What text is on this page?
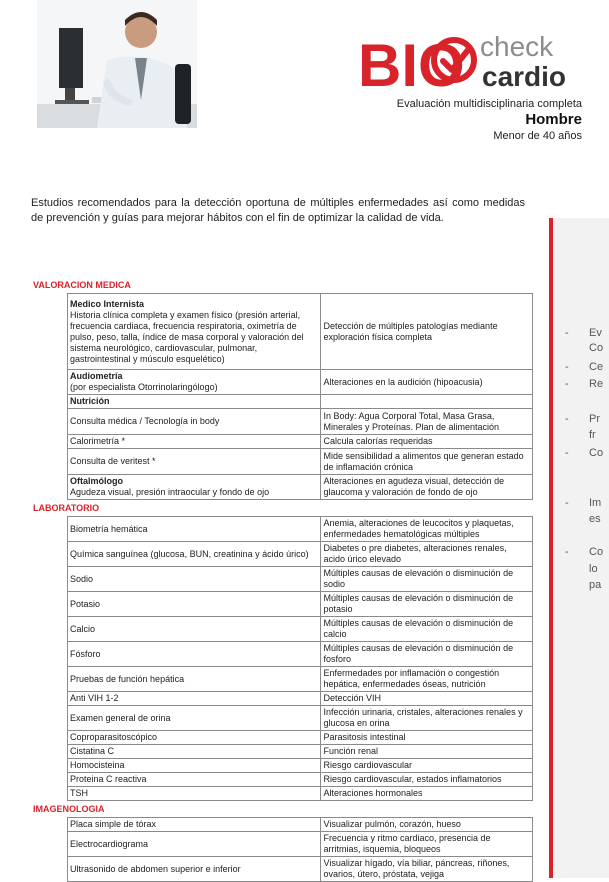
BIO check
cardio
Evaluación multidisciplinaria completa
Hombre
Menor de 40 años
Estudios recomendados para la detección oportuna de múltiples enfermedades así como medidas de prevención y guías para mejorar hábitos con el fin de optimizar la calidad de vida.
- Ev
Co
- Ce
- Re
- Pr
fr
- Co
- Im
es
- Co
lo
pa
VALORACION MEDICA
Medico Internista
Historia clínica completa y examen físico (presión arterial, frecuencia cardiaca, frecuencia respiratoria, oximetría de pulso, peso, talla, índice de masa corporal y valoración del sistema neurológico, cardiovascular, pulmonar, gastrointestinal y músculo esquelético)	Detección de múltiples patologías mediante exploración física completa

Audiometría
(por especialista Otorrinolaringólogo)	Alteraciones en la audición (hipoacusia)

Nutrición	

Consulta médica / Tecnología in body	In Body: Agua Corporal Total, Masa Grasa, Minerales y Proteínas. Plan de alimentación
Calorimetría *	Calcula calorías requeridas
Consulta de veritest *	Mide sensibilidad a alimentos que generan estado de inflamación crónica

Oftalmólogo
Agudeza visual, presión intraocular y fondo de ojo	Alteraciones en agudeza visual, detección de glaucoma y valoración de fondo de ojo
LABORATORIO
Biometría hemática	Anemia, alteraciones de leucocitos y plaquetas, enfermedades hematológicas múltiples
Química sanguínea (glucosa, BUN, creatinina y ácido úrico)	Diabetes o pre diabetes, alteraciones renales, acido úrico elevado
Sodio	Múltiples causas de elevación o disminución de sodio
Potasio	Múltiples causas de elevación o disminución de potasio
Calcio	Múltiples causas de elevación o disminución de calcio
Fósforo	Múltiples causas de elevación o disminución de fosforo
Pruebas de función hepática	Enfermedades por inflamación o congestión hepática, enfermedades óseas, nutrición
Anti VIH 1-2	Detección VIH
Examen general de orina	Infección urinaria, cristales, alteraciones renales y glucosa en orina
Coproparasitoscópico	Parasitosis intestinal
Cistatina C	Función renal
Homocisteina	Riesgo cardiovascular
Proteina C reactiva	Riesgo cardiovascular, estados inflamatorios
TSH	Alteraciones hormonales
IMAGENOLOGIA
Placa simple de tórax	Visualizar pulmón, corazón, hueso
Electrocardiograma	Frecuencia y ritmo cardiaco, presencia de arritmias, isquemia, bloqueos
Ultrasonido de abdomen superior e inferior	Visualizar hígado, vía biliar, páncreas, riñones, ovarios, útero, próstata, vejiga
